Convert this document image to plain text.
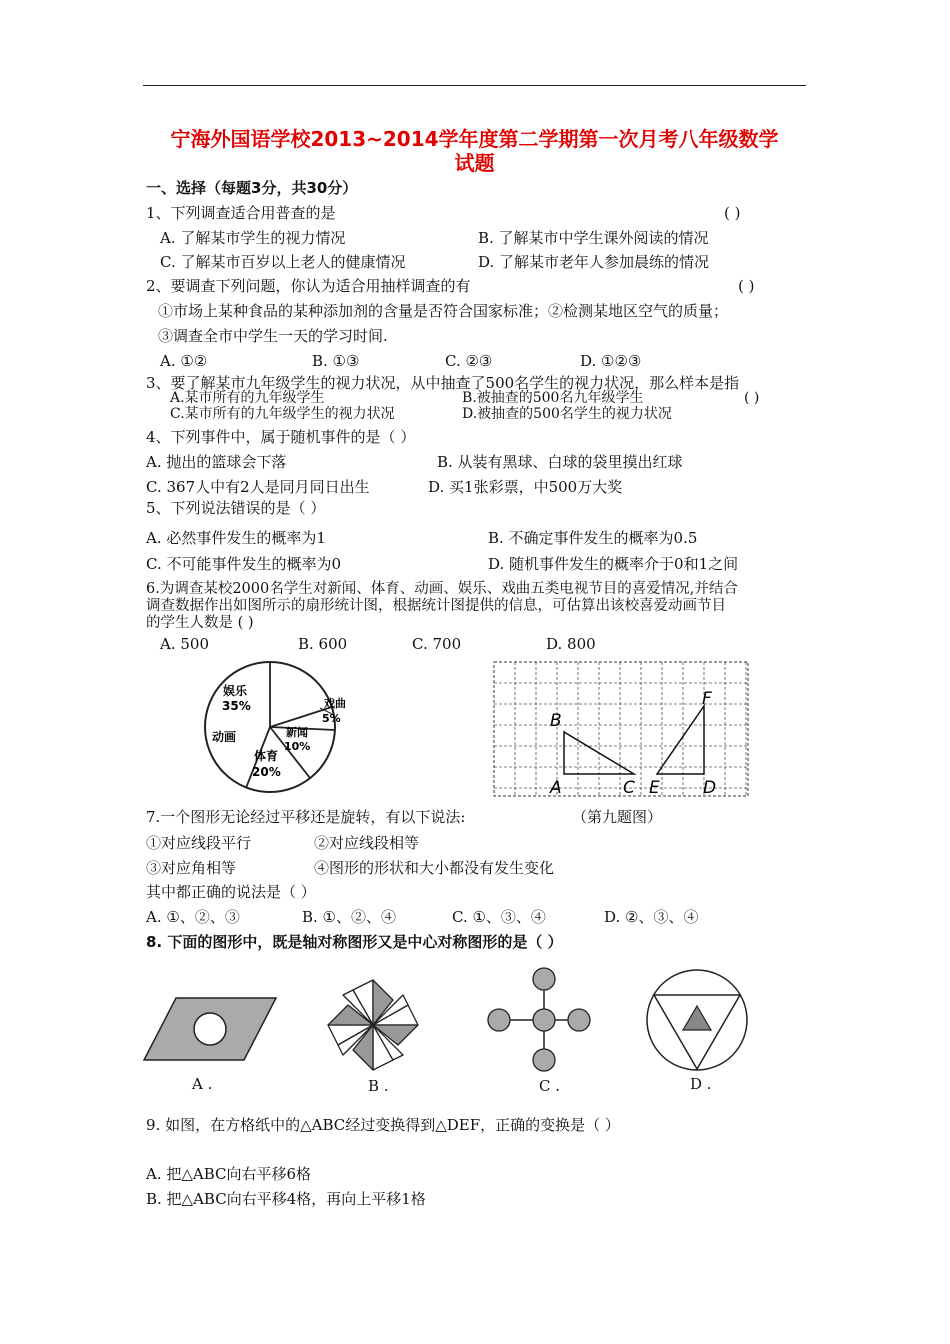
宁海外国语学校2013~2014学年度第二学期第一次月考八年级数学
试题
一、选择（每题3分，共30分）
1、下列调查适合用普查的是	( )
A. 了解某市学生的视力情况	B. 了解某市中学生课外阅读的情况
C. 了解某市百岁以上老人的健康情况	D. 了解某市老年人参加晨练的情况
2、要调查下列问题，你认为适合用抽样调查的有	( )
①市场上某种食品的某种添加剂的含量是否符合国家标准；②检测某地区空气的质量；
③调查全市中学生一天的学习时间.
A. ①②	B. ①③	C. ②③	D. ①②③
3、要了解某市九年级学生的视力状况，从中抽查了500名学生的视力状况，那么样本是指
A.某市所有的九年级学生	B.被抽查的500名九年级学生	( )
C.某市所有的九年级学生的视力状况	D.被抽查的500名学生的视力状况
4、下列事件中，属于随机事件的是（ ）
A. 抛出的篮球会下落	B. 从装有黑球、白球的袋里摸出红球
C. 367人中有2人是同月同日出生	D. 买1张彩票，中500万大奖
5、下列说法错误的是（ ）
A. 必然事件发生的概率为1	B. 不确定事件发生的概率为0.5
C. 不可能事件发生的概率为0	D. 随机事件发生的概率介于0和1之间
6.为调查某校2000名学生对新闻、体育、动画、娱乐、戏曲五类电视节目的喜爱情况,并结合
调查数据作出如图所示的扇形统计图，根据统计图提供的信息，可估算出该校喜爱动画节目
的学生人数是 ( )
A. 500	B. 600	C. 700	D. 800
娱乐
35%	戏曲
5%
新闻
10%
体育
20%
动画
B
A	C E	D
F
7.一个图形无论经过平移还是旋转，有以下说法:	（第九题图）
①对应线段平行	②对应线段相等
③对应角相等	④图形的形状和大小都没有发生变化
其中都正确的说法是（ ）
A. ①、②、③	B. ①、②、④	C. ①、③、④	D. ②、③、④
8. 下面的图形中，既是轴对称图形又是中心对称图形的是（ ）
A .	B .	C .	D .
9. 如图，在方格纸中的△ABC经过变换得到△DEF，正确的变换是（ ）
A. 把△ABC向右平移6格
B. 把△ABC向右平移4格，再向上平移1格
